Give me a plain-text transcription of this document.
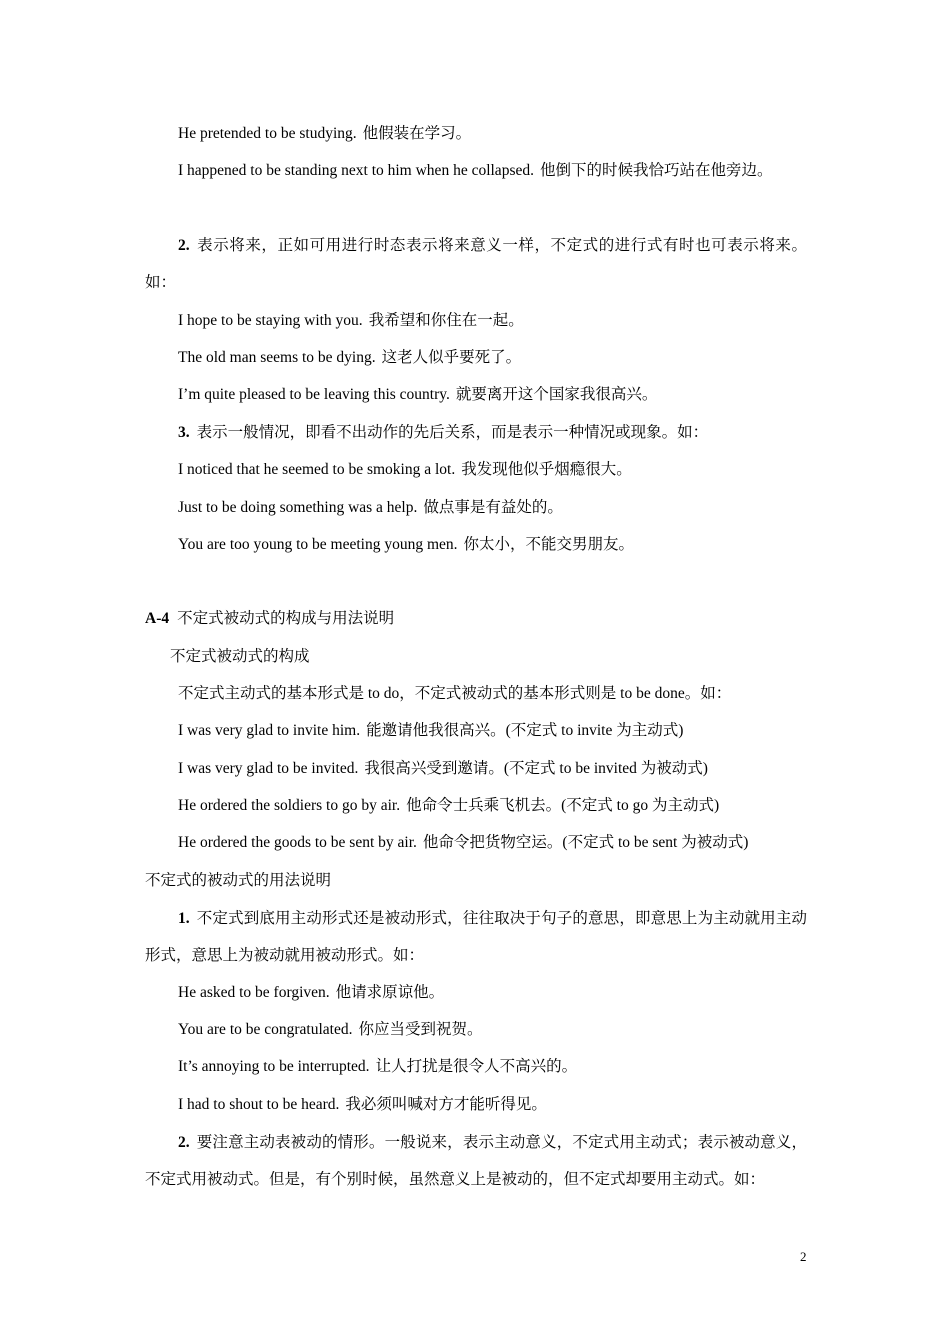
He pretended to be studying. 他假装在学习。
I happened to be standing next to him when he collapsed. 他倒下的时候我恰巧站在他旁边。
2. 表示将来，正如可用进行时态表示将来意义一样，不定式的进行式有时也可表示将来。如：
I hope to be staying with you. 我希望和你住在一起。
The old man seems to be dying. 这老人似乎要死了。
I’m quite pleased to be leaving this country. 就要离开这个国家我很高兴。
3. 表示一般情况，即看不出动作的先后关系，而是表示一种情况或现象。如：
I noticed that he seemed to be smoking a lot. 我发现他似乎烟瘾很大。
Just to be doing something was a help. 做点事是有益处的。
You are too young to be meeting young men. 你太小，不能交男朋友。
A-4 不定式被动式的构成与用法说明
不定式被动式的构成
不定式主动式的基本形式是 to do，不定式被动式的基本形式则是 to be done。如：
I was very glad to invite him. 能邀请他我很高兴。(不定式 to invite 为主动式)
I was very glad to be invited. 我很高兴受到邀请。(不定式 to be invited 为被动式)
He ordered the soldiers to go by air. 他命令士兵乘飞机去。(不定式 to go 为主动式)
He ordered the goods to be sent by air. 他命令把货物空运。(不定式 to be sent 为被动式)
不定式的被动式的用法说明
1. 不定式到底用主动形式还是被动形式，往往取决于句子的意思，即意思上为主动就用主动形式，意思上为被动就用被动形式。如：
He asked to be forgiven. 他请求原谅他。
You are to be congratulated. 你应当受到祝贺。
It’s annoying to be interrupted. 让人打扰是很令人不高兴的。
I had to shout to be heard. 我必须叫喊对方才能听得见。
2. 要注意主动表被动的情形。一般说来，表示主动意义，不定式用主动式；表示被动意义，不定式用被动式。但是，有个别时候，虽然意义上是被动的，但不定式却要用主动式。如：
2
